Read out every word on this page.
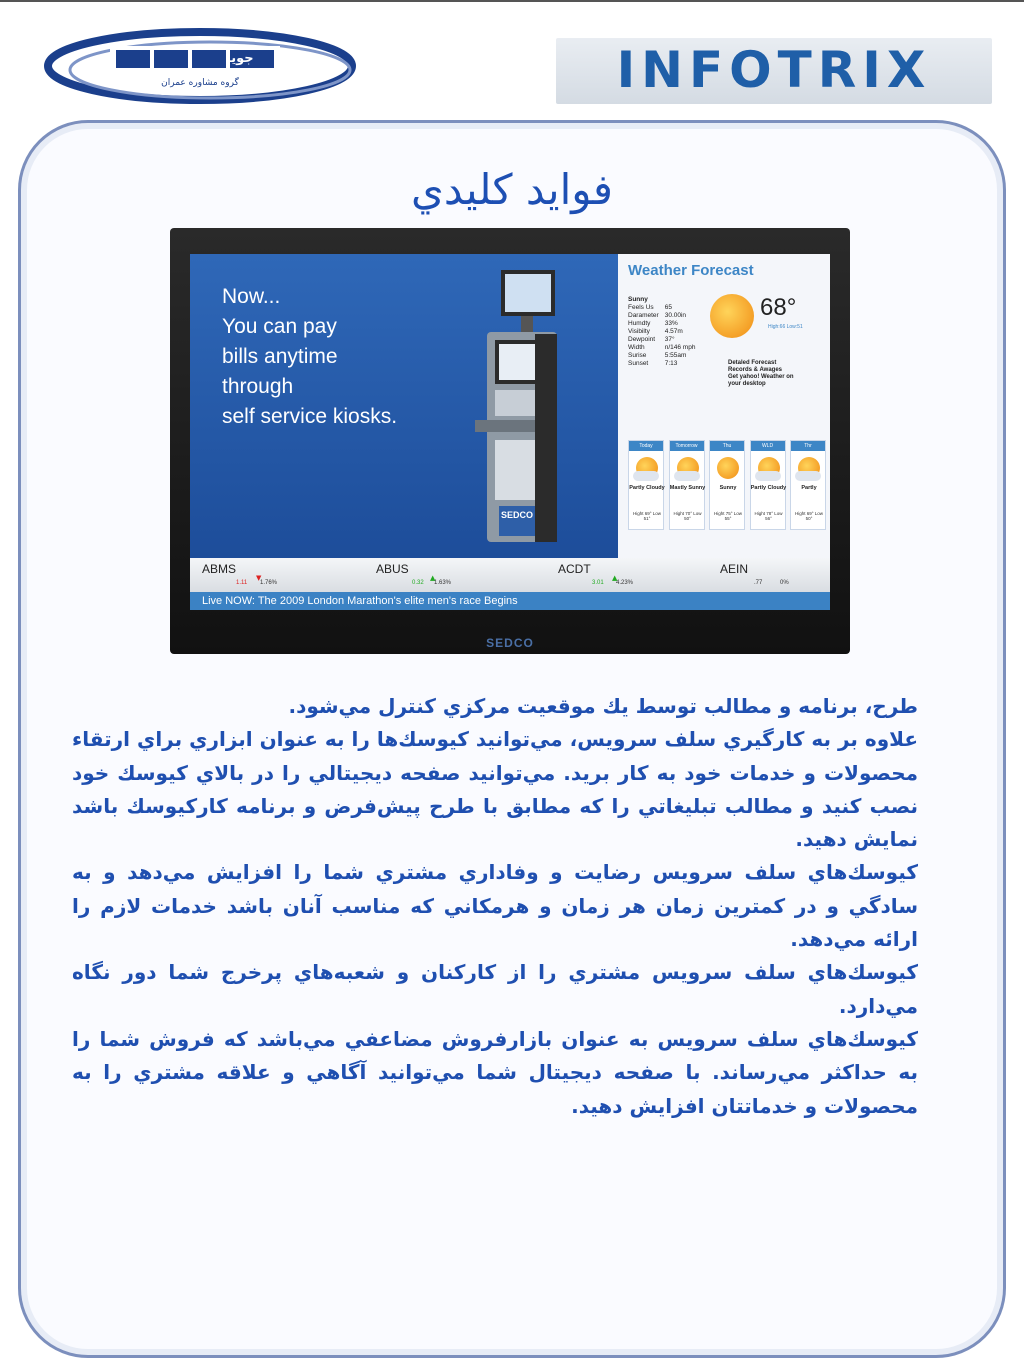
جويا
گروه مشاوره عمران	INFOTRIX
فوايد كليدي
Now...
You can pay
bills anytime
through
self service kiosks.
SEDCO
Weather Forecast
Sunny	
Feels Us	65
Darameter	30.00in
Humdty	33%
Visibilty	4.57m
Dewpoint	37°
Width	n/146 mph
Surise	5:55am
Sunset	7:13
68°
High:66 Low:51
Detaled Forecast
Records & Awages
Get yahoo! Weather on
your desktop
Today
Partly Cloudy
Hight 69° Low 51°
Tomorrow
Mastly Sunny
Hight 70° Low 50°
Thu
Sunny
Hight 75° Low 55°
WLD
Partly Cloudy
Hight 78° Low 56°
Thr
Partly
Hight 69° Low 50°
ABMS
▼
1.11 1.76%
ABUS
▲
0.32 1.63%
ACDT
▲
3.01 4.23%
AEIN
.77	0%
Live NOW: The 2009 London Marathon's elite men's race Begins
SEDCO

طرح، برنامه و مطالب توسط يك موقعيت مركزي كنترل مي‌شود.

علاوه بر به كارگيري سلف سرويس، مي‌توانيد كيوسك‌ها را به عنوان ابزاري براي ارتقاء محصولات و خدمات خود به كار بريد. مي‌توانيد صفحه ديجيتالي را در بالاي كيوسك خود نصب كنيد و مطالب تبليغاتي را كه مطابق با طرح پيش‌فرض و برنامه كاركيوسك باشد نمايش دهيد.

كيوسك‌هاي سلف سرويس رضايت و وفاداري مشتري شما را افزايش مي‌دهد و به سادگي و در كمترين زمان هر زمان و هرمكاني كه مناسب آنان باشد خدمات لازم را ارائه مي‌دهد.

كيوسك‌هاي سلف سرويس مشتري را از كاركنان و شعبه‌هاي پرخرج شما دور نگاه مي‌دارد.

كيوسك‌هاي سلف سرويس به عنوان بازارفروش مضاعفي مي‌باشد كه فروش شما را به حداكثر مي‌رساند. با صفحه ديجيتال شما مي‌توانيد آگاهي و علاقه مشتري را به محصولات و خدماتتان افزايش دهيد.
